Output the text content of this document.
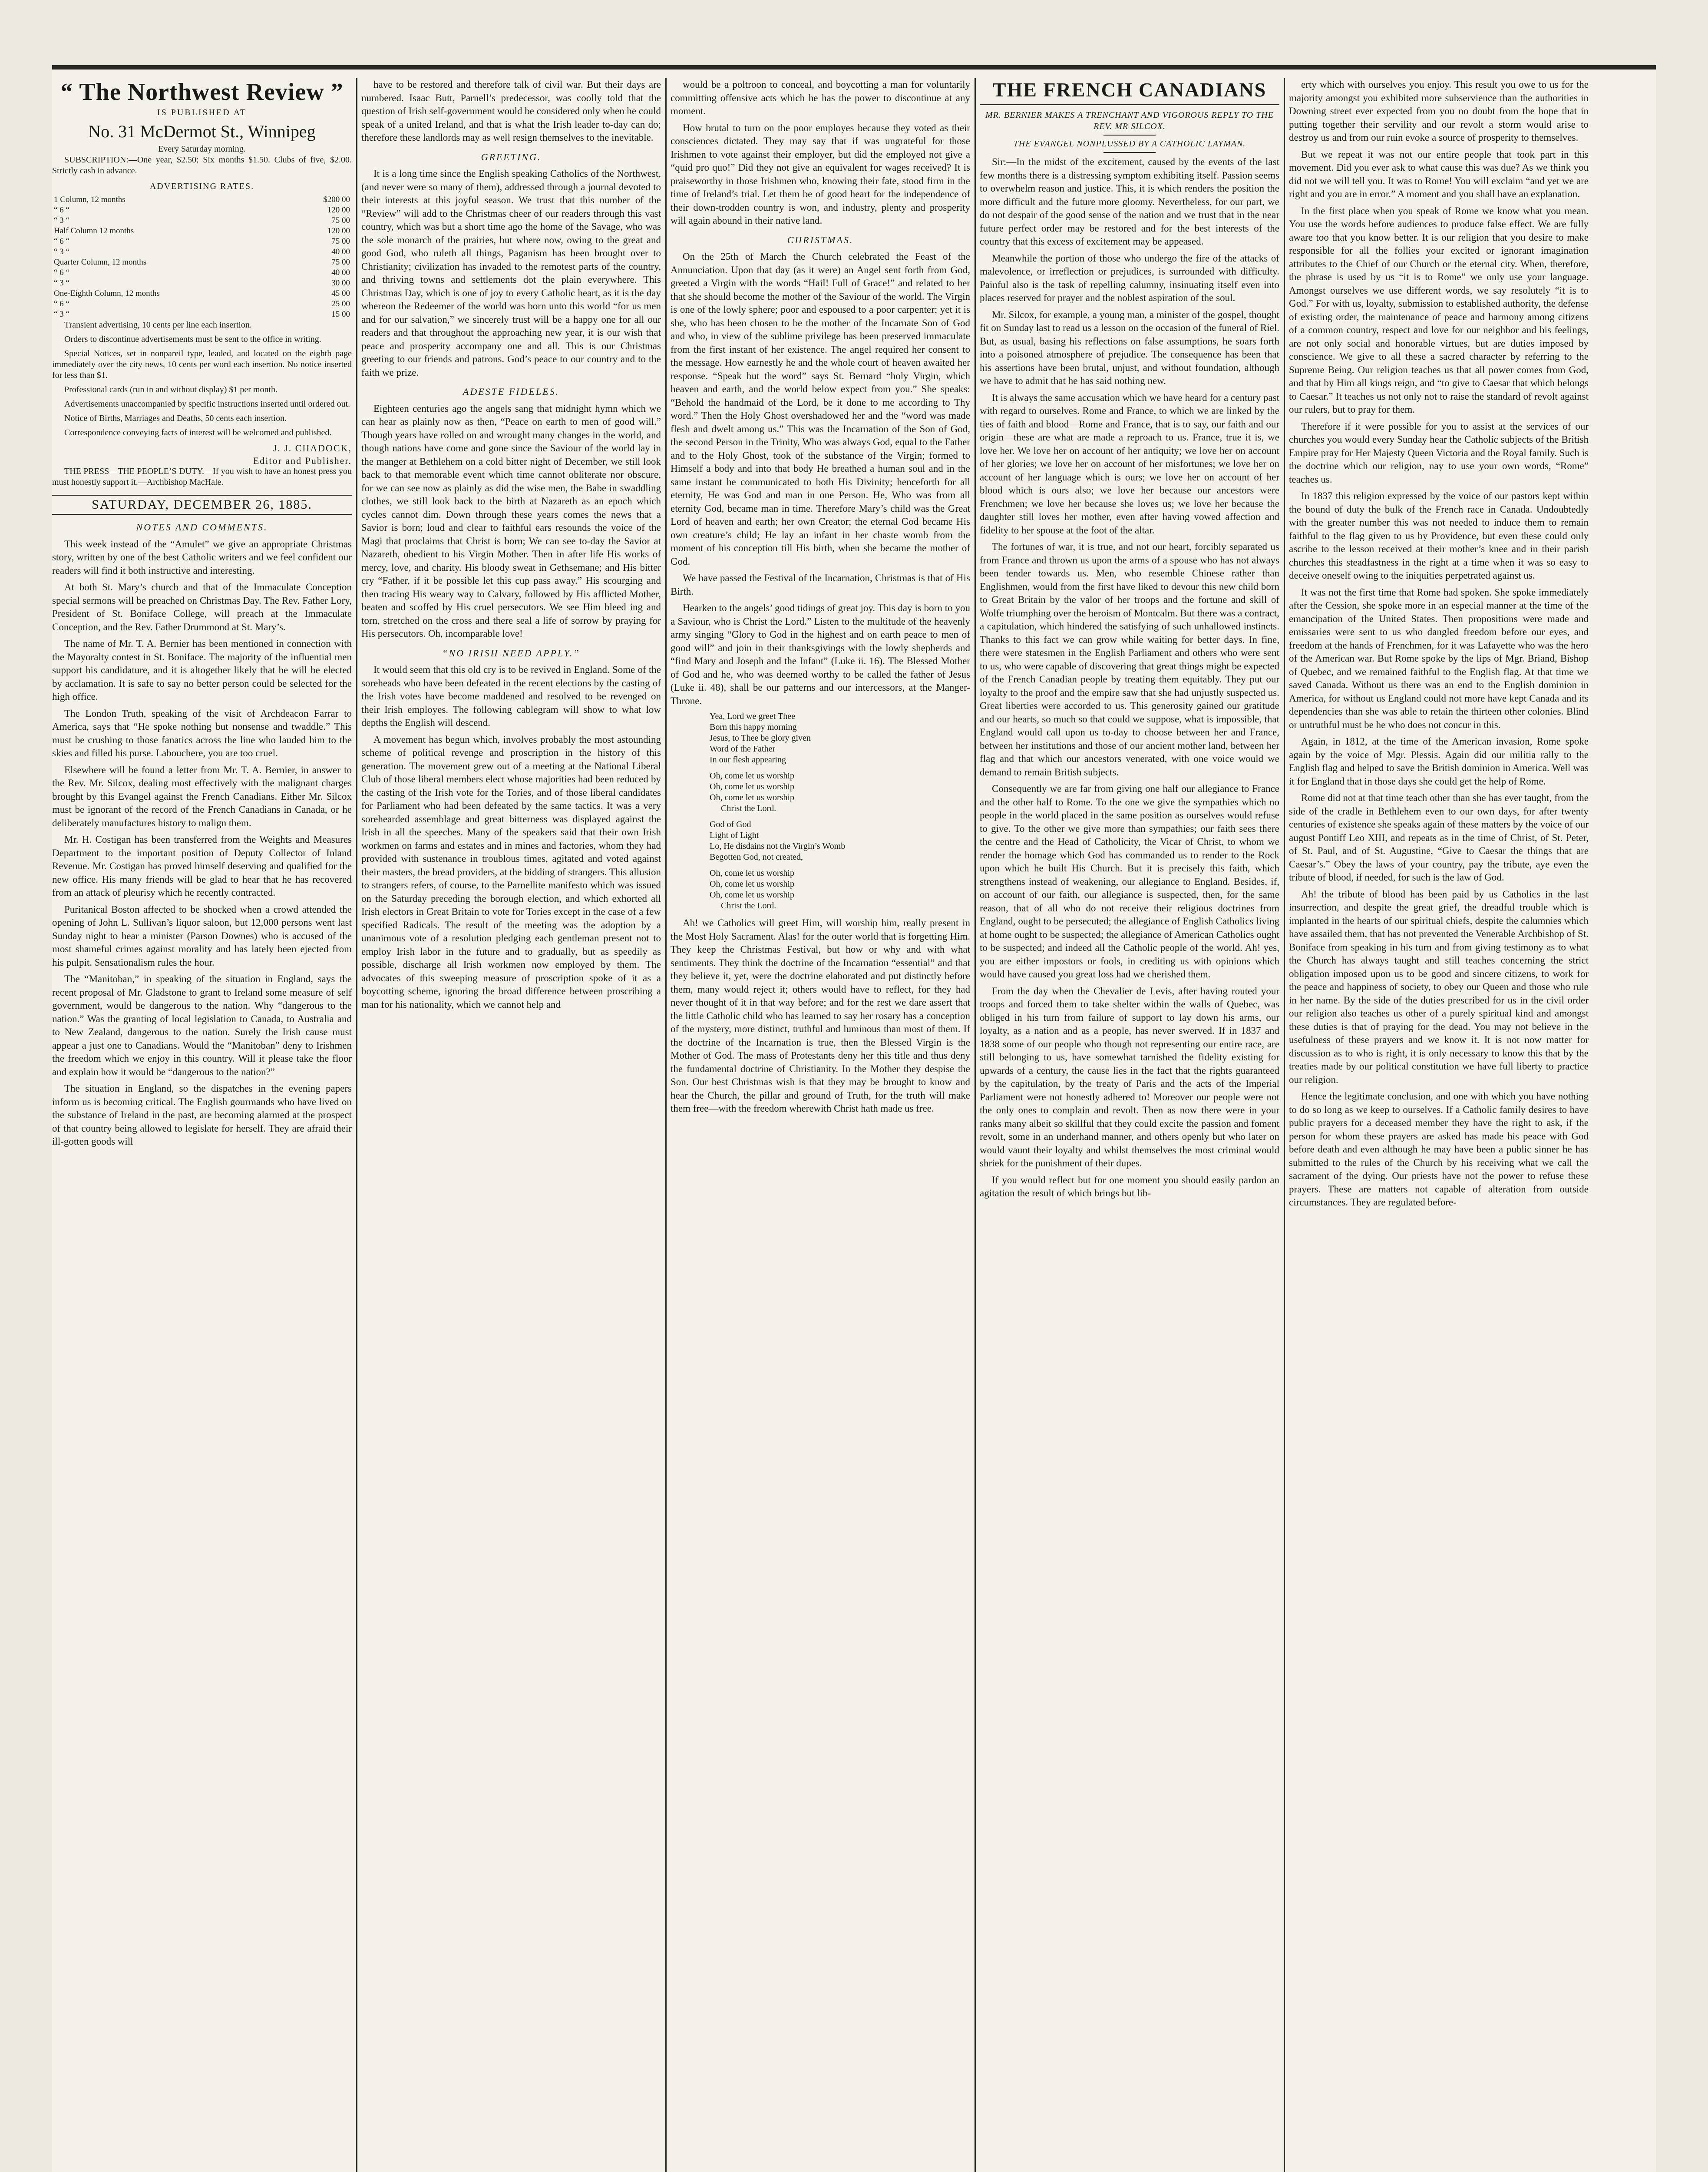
“ The Northwest Review ”
IS PUBLISHED AT
No. 31 McDermot St., Winnipeg
Every Saturday morning.

SUBSCRIPTION:—One year, $2.50; Six months $1.50. Clubs of five, $2.00. Strictly cash in advance.

ADVERTISING RATES.
1 Column, 12 months	$200 00
“ 6 “	120 00
“ 3 “	75 00
Half Column 12 months	120 00
“ 6 “	75 00
“ 3 “	40 00
Quarter Column, 12 months	75 00
“ 6 “	40 00
“ 3 “	30 00
One-Eighth Column, 12 months	45 00
“ 6 “	25 00
“ 3 “	15 00

Transient advertising, 10 cents per line each insertion.

Orders to discontinue advertisements must be sent to the office in writing.

Special Notices, set in nonpareil type, leaded, and located on the eighth page immediately over the city news, 10 cents per word each insertion. No notice inserted for less than $1.

Professional cards (run in and without display) $1 per month.

Advertisements unaccompanied by specific instructions inserted until ordered out.

Notice of Births, Marriages and Deaths, 50 cents each insertion.

Correspondence conveying facts of interest will be welcomed and published.

J. J. CHADOCK,
Editor and Publisher.

THE PRESS—THE PEOPLE’S DUTY.—If you wish to have an honest press you must honestly support it.—Archbishop MacHale.

SATURDAY, DECEMBER 26, 1885.
NOTES AND COMMENTS.

This week instead of the “Amulet” we give an appropriate Christmas story, written by one of the best Catholic writers and we feel confident our readers will find it both instructive and interesting.

At both St. Mary’s church and that of the Immaculate Conception special sermons will be preached on Christmas Day. The Rev. Father Lory, President of St. Boniface College, will preach at the Immaculate Conception, and the Rev. Father Drummond at St. Mary’s.

The name of Mr. T. A. Bernier has been mentioned in connection with the Mayoralty contest in St. Boniface. The majority of the influential men support his candidature, and it is altogether likely that he will be elected by acclamation. It is safe to say no better person could be selected for the high office.

The London Truth, speaking of the visit of Archdeacon Farrar to America, says that “He spoke nothing but nonsense and twaddle.” This must be crushing to those fanatics across the line who lauded him to the skies and filled his purse. Labouchere, you are too cruel.

Elsewhere will be found a letter from Mr. T. A. Bernier, in answer to the Rev. Mr. Silcox, dealing most effectively with the malignant charges brought by this Evangel against the French Canadians. Either Mr. Silcox must be ignorant of the record of the French Canadians in Canada, or he deliberately manufactures history to malign them.

Mr. H. Costigan has been transferred from the Weights and Measures Department to the important position of Deputy Collector of Inland Revenue. Mr. Costigan has proved himself deserving and qualified for the new office. His many friends will be glad to hear that he has recovered from an attack of pleurisy which he recently contracted.

Puritanical Boston affected to be shocked when a crowd attended the opening of John L. Sullivan’s liquor saloon, but 12,000 persons went last Sunday night to hear a minister (Parson Downes) who is accused of the most shameful crimes against morality and has lately been ejected from his pulpit. Sensationalism rules the hour.

The “Manitoban,” in speaking of the situation in England, says the recent proposal of Mr. Gladstone to grant to Ireland some measure of self government, would be dangerous to the nation. Why “dangerous to the nation.” Was the granting of local legislation to Canada, to Australia and to New Zealand, dangerous to the nation. Surely the Irish cause must appear a just one to Canadians. Would the “Manitoban” deny to Irishmen the freedom which we enjoy in this country. Will it please take the floor and explain how it would be “dangerous to the nation?”

The situation in England, so the dispatches in the evening papers inform us is becoming critical. The English gourmands who have lived on the substance of Ireland in the past, are becoming alarmed at the prospect of that country being allowed to legislate for herself. They are afraid their ill-gotten goods will

have to be restored and therefore talk of civil war. But their days are numbered. Isaac Butt, Parnell’s predecessor, was coolly told that the question of Irish self-government would be considered only when he could speak of a united Ireland, and that is what the Irish leader to-day can do; therefore these landlords may as well resign themselves to the inevitable.

GREETING.

It is a long time since the English speaking Catholics of the Northwest, (and never were so many of them), addressed through a journal devoted to their interests at this joyful season. We trust that this number of the “Review” will add to the Christmas cheer of our readers through this vast country, which was but a short time ago the home of the Savage, who was the sole monarch of the prairies, but where now, owing to the great and good God, who ruleth all things, Paganism has been brought over to Christianity; civilization has invaded to the remotest parts of the country, and thriving towns and settlements dot the plain everywhere. This Christmas Day, which is one of joy to every Catholic heart, as it is the day whereon the Redeemer of the world was born unto this world “for us men and for our salvation,” we sincerely trust will be a happy one for all our readers and that throughout the approaching new year, it is our wish that peace and prosperity accompany one and all. This is our Christmas greeting to our friends and patrons. God’s peace to our country and to the faith we prize.

ADESTE FIDELES.

Eighteen centuries ago the angels sang that midnight hymn which we can hear as plainly now as then, “Peace on earth to men of good will.” Though years have rolled on and wrought many changes in the world, and though nations have come and gone since the Saviour of the world lay in the manger at Bethlehem on a cold bitter night of December, we still look back to that memorable event which time cannot obliterate nor obscure, for we can see now as plainly as did the wise men, the Babe in swaddling clothes, we still look back to the birth at Nazareth as an epoch which cycles cannot dim. Down through these years comes the news that a Savior is born; loud and clear to faithful ears resounds the voice of the Magi that proclaims that Christ is born; We can see to-day the Savior at Nazareth, obedient to his Virgin Mother. Then in after life His works of mercy, love, and charity. His bloody sweat in Gethsemane; and His bitter cry “Father, if it be possible let this cup pass away.” His scourging and then tracing His weary way to Calvary, followed by His afflicted Mother, beaten and scoffed by His cruel persecutors. We see Him bleed ing and torn, stretched on the cross and there seal a life of sorrow by praying for His persecutors. Oh, incomparable love!

“NO IRISH NEED APPLY.”

It would seem that this old cry is to be revived in England. Some of the soreheads who have been defeated in the recent elections by the casting of the Irish votes have become maddened and resolved to be revenged on their Irish employes. The following cablegram will show to what low depths the English will descend.

A movement has begun which, involves probably the most astounding scheme of political revenge and proscription in the history of this generation. The movement grew out of a meeting at the National Liberal Club of those liberal members elect whose majorities had been reduced by the casting of the Irish vote for the Tories, and of those liberal candidates for Parliament who had been defeated by the same tactics. It was a very sorehearded assemblage and great bitterness was displayed against the Irish in all the speeches. Many of the speakers said that their own Irish workmen on farms and estates and in mines and factories, whom they had provided with sustenance in troublous times, agitated and voted against their masters, the bread providers, at the bidding of strangers. This allusion to strangers refers, of course, to the Parnellite manifesto which was issued on the Saturday preceding the borough election, and which exhorted all Irish electors in Great Britain to vote for Tories except in the case of a few specified Radicals. The result of the meeting was the adoption by a unanimous vote of a resolution pledging each gentleman present not to employ Irish labor in the future and to gradually, but as speedily as possible, discharge all Irish workmen now employed by them. The advocates of this sweeping measure of proscription spoke of it as a boycotting scheme, ignoring the broad difference between proscribing a man for his nationality, which we cannot help and

would be a poltroon to conceal, and boycotting a man for voluntarily committing offensive acts which he has the power to discontinue at any moment.

How brutal to turn on the poor employes because they voted as their consciences dictated. They may say that if was ungrateful for those Irishmen to vote against their employer, but did the employed not give a “quid pro quo!” Did they not give an equivalent for wages received? It is praiseworthy in those Irishmen who, knowing their fate, stood firm in the time of Ireland’s trial. Let them be of good heart for the independence of their down-trodden country is won, and industry, plenty and prosperity will again abound in their native land.

CHRISTMAS.

On the 25th of March the Church celebrated the Feast of the Annunciation. Upon that day (as it were) an Angel sent forth from God, greeted a Virgin with the words “Hail! Full of Grace!” and related to her that she should become the mother of the Saviour of the world. The Virgin is one of the lowly sphere; poor and espoused to a poor carpenter; yet it is she, who has been chosen to be the mother of the Incarnate Son of God and who, in view of the sublime privilege has been preserved immaculate from the first instant of her existence. The angel required her consent to the message. How earnestly he and the whole court of heaven awaited her response. “Speak but the word” says St. Bernard “holy Virgin, which heaven and earth, and the world below expect from you.” She speaks: “Behold the handmaid of the Lord, be it done to me according to Thy word.” Then the Holy Ghost overshadowed her and the “word was made flesh and dwelt among us.” This was the Incarnation of the Son of God, the second Person in the Trinity, Who was always God, equal to the Father and to the Holy Ghost, took of the substance of the Virgin; formed to Himself a body and into that body He breathed a human soul and in the same instant he communicated to both His Divinity; henceforth for all eternity, He was God and man in one Person. He, Who was from all eternity God, became man in time. Therefore Mary’s child was the Great Lord of heaven and earth; her own Creator; the eternal God became His own creature’s child; He lay an infant in her chaste womb from the moment of his conception till His birth, when she became the mother of God.

We have passed the Festival of the Incarnation, Christmas is that of His Birth.

Hearken to the angels’ good tidings of great joy. This day is born to you a Saviour, who is Christ the Lord.” Listen to the multitude of the heavenly army singing “Glory to God in the highest and on earth peace to men of good will” and join in their thanksgivings with the lowly shepherds and “find Mary and Joseph and the Infant” (Luke ii. 16). The Blessed Mother of God and he, who was deemed worthy to be called the father of Jesus (Luke ii. 48), shall be our patterns and our intercessors, at the Manger-Throne.

Yea, Lord we greet Thee
Born this happy morning
Jesus, to Thee be glory given
Word of the Father
In our flesh appearing
Oh, come let us worship
Oh, come let us worship
Oh, come let us worship
Christ the Lord.
God of God
Light of Light
Lo, He disdains not the Virgin’s Womb
Begotten God, not created,
Oh, come let us worship
Oh, come let us worship
Oh, come let us worship
Christ the Lord.

Ah! we Catholics will greet Him, will worship him, really present in the Most Holy Sacrament. Alas! for the outer world that is forgetting Him. They keep the Christmas Festival, but how or why and with what sentiments. They think the doctrine of the Incarnation “essential” and that they believe it, yet, were the doctrine elaborated and put distinctly before them, many would reject it; others would have to reflect, for they had never thought of it in that way before; and for the rest we dare assert that the little Catholic child who has learned to say her rosary has a conception of the mystery, more distinct, truthful and luminous than most of them. If the doctrine of the Incarnation is true, then the Blessed Virgin is the Mother of God. The mass of Protestants deny her this title and thus deny the fundamental doctrine of Christianity. In the Mother they despise the Son. Our best Christmas wish is that they may be brought to know and hear the Church, the pillar and ground of Truth, for the truth will make them free—with the freedom wherewith Christ hath made us free.

THE FRENCH CANADIANS
MR. BERNIER MAKES A TRENCHANT AND VIGOROUS REPLY TO THE REV. MR SILCOX.
THE EVANGEL NONPLUSSED BY A CATHOLIC LAYMAN.

Sir:—In the midst of the excitement, caused by the events of the last few months there is a distressing symptom exhibiting itself. Passion seems to overwhelm reason and justice. This, it is which renders the position the more difficult and the future more gloomy. Nevertheless, for our part, we do not despair of the good sense of the nation and we trust that in the near future perfect order may be restored and for the best interests of the country that this excess of excitement may be appeased.

Meanwhile the portion of those who undergo the fire of the attacks of malevolence, or irreflection or prejudices, is surrounded with difficulty. Painful also is the task of repelling calumny, insinuating itself even into places reserved for prayer and the noblest aspiration of the soul.

Mr. Silcox, for example, a young man, a minister of the gospel, thought fit on Sunday last to read us a lesson on the occasion of the funeral of Riel. But, as usual, basing his reflections on false assumptions, he soars forth into a poisoned atmosphere of prejudice. The consequence has been that his assertions have been brutal, unjust, and without foundation, although we have to admit that he has said nothing new.

It is always the same accusation which we have heard for a century past with regard to ourselves. Rome and France, to which we are linked by the ties of faith and blood—Rome and France, that is to say, our faith and our origin—these are what are made a reproach to us. France, true it is, we love her. We love her on account of her antiquity; we love her on account of her glories; we love her on account of her misfortunes; we love her on account of her language which is ours; we love her on account of her blood which is ours also; we love her because our ancestors were Frenchmen; we love her because she loves us; we love her because the daughter still loves her mother, even after having vowed affection and fidelity to her spouse at the foot of the altar.

The fortunes of war, it is true, and not our heart, forcibly separated us from France and thrown us upon the arms of a spouse who has not always been tender towards us. Men, who resemble Chinese rather than Englishmen, would from the first have liked to devour this new child born to Great Britain by the valor of her troops and the fortune and skill of Wolfe triumphing over the heroism of Montcalm. But there was a contract, a capitulation, which hindered the satisfying of such unhallowed instincts. Thanks to this fact we can grow while waiting for better days. In fine, there were statesmen in the English Parliament and others who were sent to us, who were capable of discovering that great things might be expected of the French Canadian people by treating them equitably. They put our loyalty to the proof and the empire saw that she had unjustly suspected us. Great liberties were accorded to us. This generosity gained our gratitude and our hearts, so much so that could we suppose, what is impossible, that England would call upon us to-day to choose between her and France, between her institutions and those of our ancient mother land, between her flag and that which our ancestors venerated, with one voice would we demand to remain British subjects.

Consequently we are far from giving one half our allegiance to France and the other half to Rome. To the one we give the sympathies which no people in the world placed in the same position as ourselves would refuse to give. To the other we give more than sympathies; our faith sees there the centre and the Head of Catholicity, the Vicar of Christ, to whom we render the homage which God has commanded us to render to the Rock upon which he built His Church. But it is precisely this faith, which strengthens instead of weakening, our allegiance to England. Besides, if, on account of our faith, our allegiance is suspected, then, for the same reason, that of all who do not receive their religious doctrines from England, ought to be persecuted; the allegiance of English Catholics living at home ought to be suspected; the allegiance of American Catholics ought to be suspected; and indeed all the Catholic people of the world. Ah! yes, you are either impostors or fools, in crediting us with opinions which would have caused you great loss had we cherished them.

From the day when the Chevalier de Levis, after having routed your troops and forced them to take shelter within the walls of Quebec, was obliged in his turn from failure of support to lay down his arms, our loyalty, as a nation and as a people, has never swerved. If in 1837 and 1838 some of our people who though not representing our entire race, are still belonging to us, have somewhat tarnished the fidelity existing for upwards of a century, the cause lies in the fact that the rights guaranteed by the capitulation, by the treaty of Paris and the acts of the Imperial Parliament were not honestly adhered to! Moreover our people were not the only ones to complain and revolt. Then as now there were in your ranks many albeit so skillful that they could excite the passion and foment revolt, some in an underhand manner, and others openly but who later on would vaunt their loyalty and whilst themselves the most criminal would shriek for the punishment of their dupes.

If you would reflect but for one moment you should easily pardon an agitation the result of which brings but lib-

erty which with ourselves you enjoy. This result you owe to us for the majority amongst you exhibited more subservience than the authorities in Downing street ever expected from you no doubt from the hope that in putting together their servility and our revolt a storm would arise to destroy us and from our ruin evoke a source of prosperity to themselves.

But we repeat it was not our entire people that took part in this movement. Did you ever ask to what cause this was due? As we think you did not we will tell you. It was to Rome! You will exclaim “and yet we are right and you are in error.” A moment and you shall have an explanation.

In the first place when you speak of Rome we know what you mean. You use the words before audiences to produce false effect. We are fully aware too that you know better. It is our religion that you desire to make responsible for all the follies your excited or ignorant imagination attributes to the Chief of our Church or the eternal city. When, therefore, the phrase is used by us “it is to Rome” we only use your language. Amongst ourselves we use different words, we say resolutely “it is to God.” For with us, loyalty, submission to established authority, the defense of existing order, the maintenance of peace and harmony among citizens of a common country, respect and love for our neighbor and his feelings, are not only social and honorable virtues, but are duties imposed by conscience. We give to all these a sacred character by referring to the Supreme Being. Our religion teaches us that all power comes from God, and that by Him all kings reign, and “to give to Caesar that which belongs to Caesar.” It teaches us not only not to raise the standard of revolt against our rulers, but to pray for them.

Therefore if it were possible for you to assist at the services of our churches you would every Sunday hear the Catholic subjects of the British Empire pray for Her Majesty Queen Victoria and the Royal family. Such is the doctrine which our religion, nay to use your own words, “Rome” teaches us.

In 1837 this religion expressed by the voice of our pastors kept within the bound of duty the bulk of the French race in Canada. Undoubtedly with the greater number this was not needed to induce them to remain faithful to the flag given to us by Providence, but even these could only ascribe to the lesson received at their mother’s knee and in their parish churches this steadfastness in the right at a time when it was so easy to deceive oneself owing to the iniquities perpetrated against us.

It was not the first time that Rome had spoken. She spoke immediately after the Cession, she spoke more in an especial manner at the time of the emancipation of the United States. Then propositions were made and emissaries were sent to us who dangled freedom before our eyes, and freedom at the hands of Frenchmen, for it was Lafayette who was the hero of the American war. But Rome spoke by the lips of Mgr. Briand, Bishop of Quebec, and we remained faithful to the English flag. At that time we saved Canada. Without us there was an end to the English dominion in America, for without us England could not more have kept Canada and its dependencies than she was able to retain the thirteen other colonies. Blind or untruthful must be he who does not concur in this.

Again, in 1812, at the time of the American invasion, Rome spoke again by the voice of Mgr. Plessis. Again did our militia rally to the English flag and helped to save the British dominion in America. Well was it for England that in those days she could get the help of Rome.

Rome did not at that time teach other than she has ever taught, from the side of the cradle in Bethlehem even to our own days, for after twenty centuries of existence she speaks again of these matters by the voice of our august Pontiff Leo XIII, and repeats as in the time of Christ, of St. Peter, of St. Paul, and of St. Augustine, “Give to Caesar the things that are Caesar’s.” Obey the laws of your country, pay the tribute, aye even the tribute of blood, if needed, for such is the law of God.

Ah! the tribute of blood has been paid by us Catholics in the last insurrection, and despite the great grief, the dreadful trouble which is implanted in the hearts of our spiritual chiefs, despite the calumnies which have assailed them, that has not prevented the Venerable Archbishop of St. Boniface from speaking in his turn and from giving testimony as to what the Church has always taught and still teaches concerning the strict obligation imposed upon us to be good and sincere citizens, to work for the peace and happiness of society, to obey our Queen and those who rule in her name. By the side of the duties prescribed for us in the civil order our religion also teaches us other of a purely spiritual kind and amongst these duties is that of praying for the dead. You may not believe in the usefulness of these prayers and we know it. It is not now matter for discussion as to who is right, it is only necessary to know this that by the treaties made by our political constitution we have full liberty to practice our religion.

Hence the legitimate conclusion, and one with which you have nothing to do so long as we keep to ourselves. If a Catholic family desires to have public prayers for a deceased member they have the right to ask, if the person for whom these prayers are asked has made his peace with God before death and even although he may have been a public sinner he has submitted to the rules of the Church by his receiving what we call the sacrament of the dying. Our priests have not the power to refuse these prayers. These are matters not capable of alteration from outside circumstances. They are regulated before-
